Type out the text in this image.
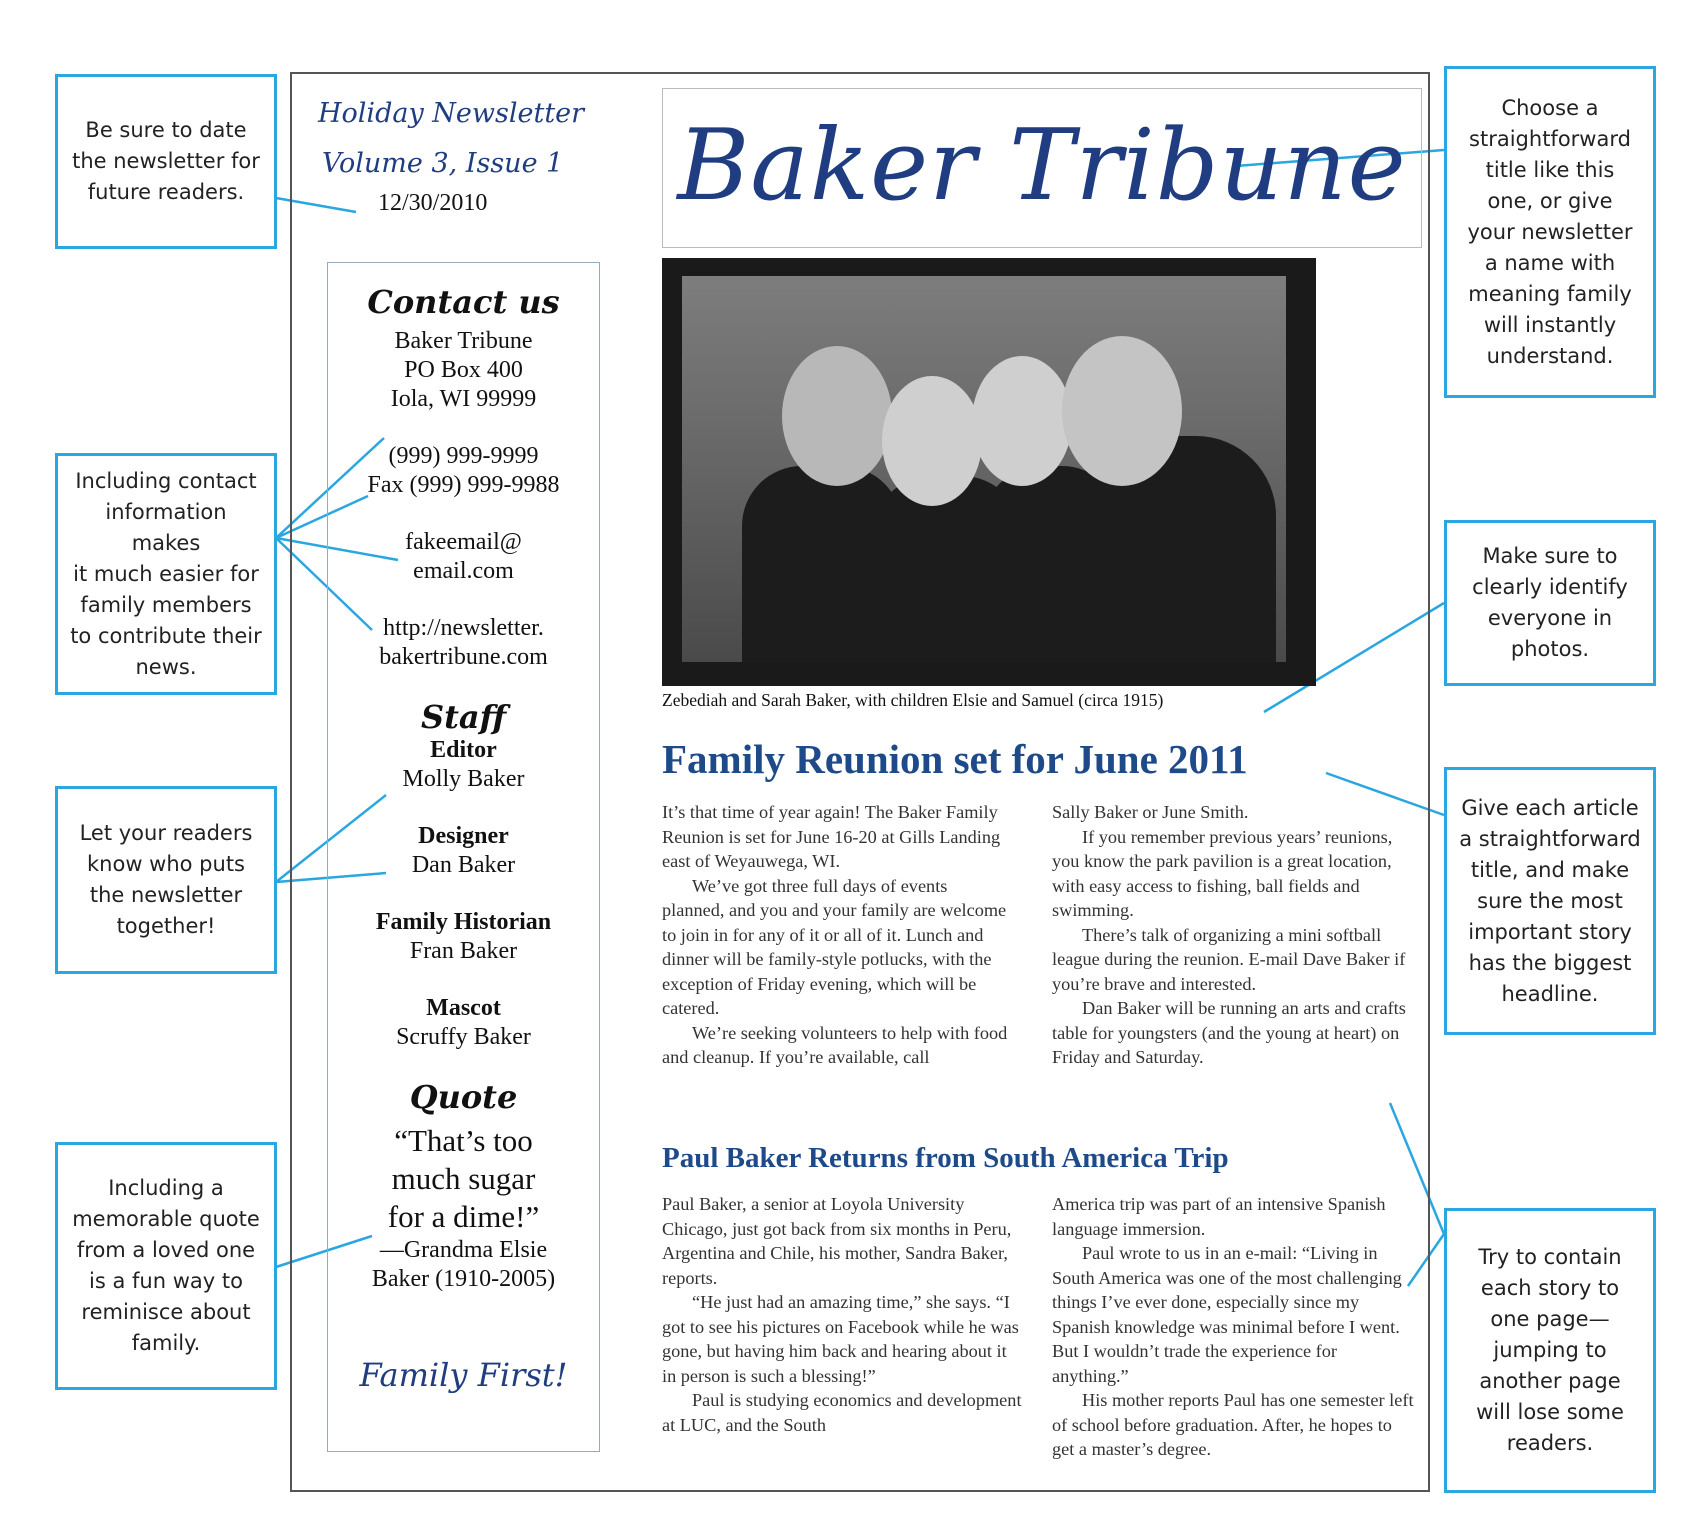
Be sure to date
the newsletter for
future readers.
Including contact
information makes
it much easier for
family members
to contribute their
news.
Let your readers
know who puts
the newsletter
together!
Including a
memorable quote
from a loved one
is a fun way to
reminisce about
family.
Choose a
straightforward
title like this
one, or give
your newsletter
a name with
meaning family
will instantly
understand.
Make sure to
clearly identify
everyone in
photos.
Give each article
a straightforward
title, and make
sure the most
important story
has the biggest
headline.
Try to contain
each story to
one page—
jumping to
another page
will lose some
readers.
Holiday Newsletter
Volume 3, Issue 1
12/30/2010 Baker Tribune
Contact us
Baker Tribune
PO Box 400
Iola, WI 99999
(999) 999-9999
Fax (999) 999-9988
fakeemail@
email.com
http://newsletter.
bakertribune.com
Staff
Editor
Molly Baker
Designer
Dan Baker
Family Historian
Fran Baker
Mascot
Scruffy Baker
Quote
“That’s too
much sugar
for a dime!”
—Grandma Elsie
Baker (1910-2005)
Family First!
Zebediah and Sarah Baker, with children Elsie and Samuel (circa 1915)
Family Reunion set for June 2011

It’s that time of year again! The Baker Family Reunion is set for June 16-20 at Gills Landing east of Weyauwega, WI.

We’ve got three full days of events planned, and you and your family are welcome to join in for any of it or all of it. Lunch and dinner will be family-style potlucks, with the exception of Friday evening, which will be catered.

We’re seeking volunteers to help with food and cleanup. If you’re available, call

Sally Baker or June Smith.

If you remember previous years’ reunions, you know the park pavilion is a great location, with easy access to fishing, ball fields and swimming.

There’s talk of organizing a mini softball league during the reunion. E-mail Dave Baker if you’re brave and interested.

Dan Baker will be running an arts and crafts table for youngsters (and the young at heart) on Friday and Saturday.

Paul Baker Returns from South America Trip

Paul Baker, a senior at Loyola University Chicago, just got back from six months in Peru, Argentina and Chile, his mother, Sandra Baker, reports.

“He just had an amazing time,” she says. “I got to see his pictures on Facebook while he was gone, but having him back and hearing about it in person is such a blessing!”

Paul is studying economics and development at LUC, and the South

America trip was part of an intensive Spanish language immersion.

Paul wrote to us in an e-mail: “Living in South America was one of the most challenging things I’ve ever done, especially since my Spanish knowledge was minimal before I went. But I wouldn’t trade the experience for anything.”

His mother reports Paul has one semester left of school before graduation. After, he hopes to get a master’s degree.
